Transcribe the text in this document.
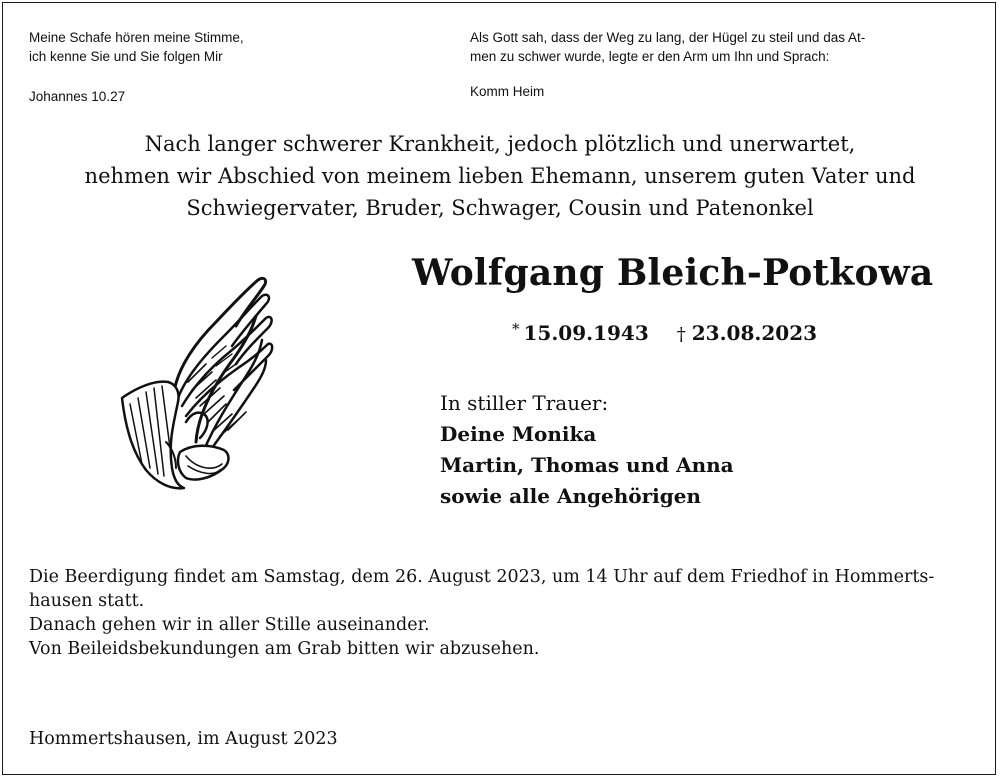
Meine Schafe hören meine Stimme,
ich kenne Sie und Sie folgen Mir
Johannes 10.27
Als Gott sah, dass der Weg zu lang, der Hügel zu steil und das At-
men zu schwer wurde, legte er den Arm um Ihn und Sprach:
Komm Heim
Nach langer schwerer Krankheit, jedoch plötzlich und unerwartet,
nehmen wir Abschied von meinem lieben Ehemann, unserem guten Vater und
Schwiegervater, Bruder, Schwager, Cousin und Patenonkel
Wolfgang Bleich-Potkowa
* 15.09.1943 † 23.08.2023
In stiller Trauer:
Deine Monika
Martin, Thomas und Anna
sowie alle Angehörigen
Die Beerdigung findet am Samstag, dem 26. August 2023, um 14 Uhr auf dem Friedhof in Hommerts-
hausen statt.
Danach gehen wir in aller Stille auseinander.
Von Beileidsbekundungen am Grab bitten wir abzusehen.
Hommertshausen, im August 2023
